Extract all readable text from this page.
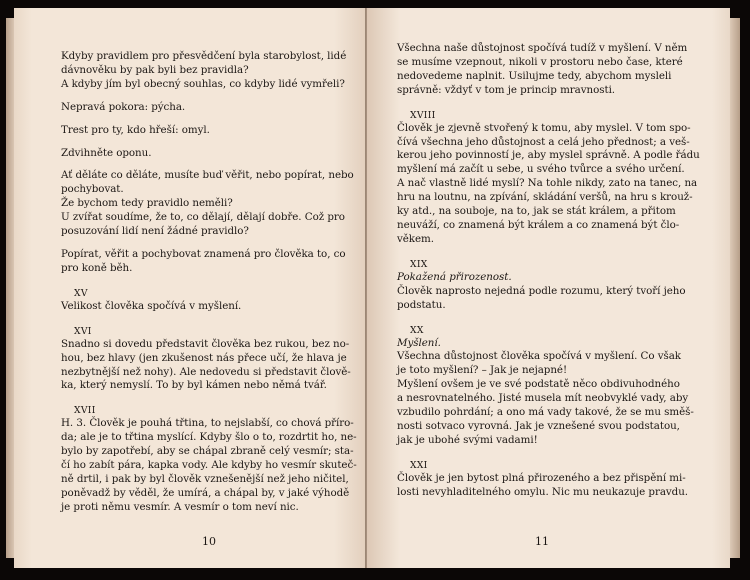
Kdyby pravidlem pro přesvědčení byla starobylost, lidé
dávnověku by pak byli bez pravidla?
A kdyby jím byl obecný souhlas, co kdyby lidé vymřeli?

Nepravá pokora: pýcha.

Trest pro ty, kdo hřeší: omyl.

Zdvihněte oponu.

Ať děláte co děláte, musíte buď věřit, nebo popírat, nebo
pochybovat.
Že bychom tedy pravidlo neměli?
U zvířat soudíme, že to, co dělají, dělají dobře. Což pro
posuzování lidí není žádné pravidlo?

Popírat, věřit a pochybovat znamená pro člověka to, co
pro koně běh.

XV

Velikost člověka spočívá v myšlení.

XVI

Snadno si dovedu představit člověka bez rukou, bez no-
hou, bez hlavy (jen zkušenost nás přece učí, že hlava je
nezbytnější než nohy). Ale nedovedu si představit člově-
ka, který nemyslí. To by byl kámen nebo němá tvář.

XVII

H. 3. Člověk je pouhá třtina, to nejslabší, co chová příro-
da; ale je to třtina myslící. Kdyby šlo o to, rozdrtit ho, ne-
bylo by zapotřebí, aby se chápal zbraně celý vesmír; sta-
čí ho zabít pára, kapka vody. Ale kdyby ho vesmír skuteč-
ně drtil, i pak by byl člověk vznešenější než jeho ničitel,
poněvadž by věděl, že umírá, a chápal by, v jaké výhodě
je proti němu vesmír. A vesmír o tom neví nic.

10

Všechna naše důstojnost spočívá tudíž v myšlení. V něm
se musíme vzepnout, nikoli v prostoru nebo čase, které
nedovedeme naplnit. Usilujme tedy, abychom mysleli
správně: vždyť v tom je princip mravnosti.

XVIII

Člověk je zjevně stvořený k tomu, aby myslel. V tom spo-
čívá všechna jeho důstojnost a celá jeho přednost; a veš-
kerou jeho povinností je, aby myslel správně. A podle řádu
myšlení má začít u sebe, u svého tvůrce a svého určení.
A nač vlastně lidé myslí? Na tohle nikdy, zato na tanec, na
hru na loutnu, na zpívání, skládání veršů, na hru s krouž-
ky atd., na souboje, na to, jak se stát králem, a přitom
neuváží, co znamená být králem a co znamená být člo-
věkem.

XIX

Pokažená přirozenost.

Člověk naprosto nejedná podle rozumu, který tvoří jeho
podstatu.

XX

Myšlení.

Všechna důstojnost člověka spočívá v myšlení. Co však
je toto myšlení? – Jak je nejapné!
Myšlení ovšem je ve své podstatě něco obdivuhodného
a nesrovnatelného. Jisté musela mít neobvyklé vady, aby
vzbudilo pohrdání; a ono má vady takové, že se mu směš-
nosti sotvaco vyrovná. Jak je vznešené svou podstatou,
jak je ubohé svými vadami!

XXI

Člověk je jen bytost plná přirozeného a bez přispění mi-
losti nevyhladitelného omylu. Nic mu neukazuje pravdu.

11
